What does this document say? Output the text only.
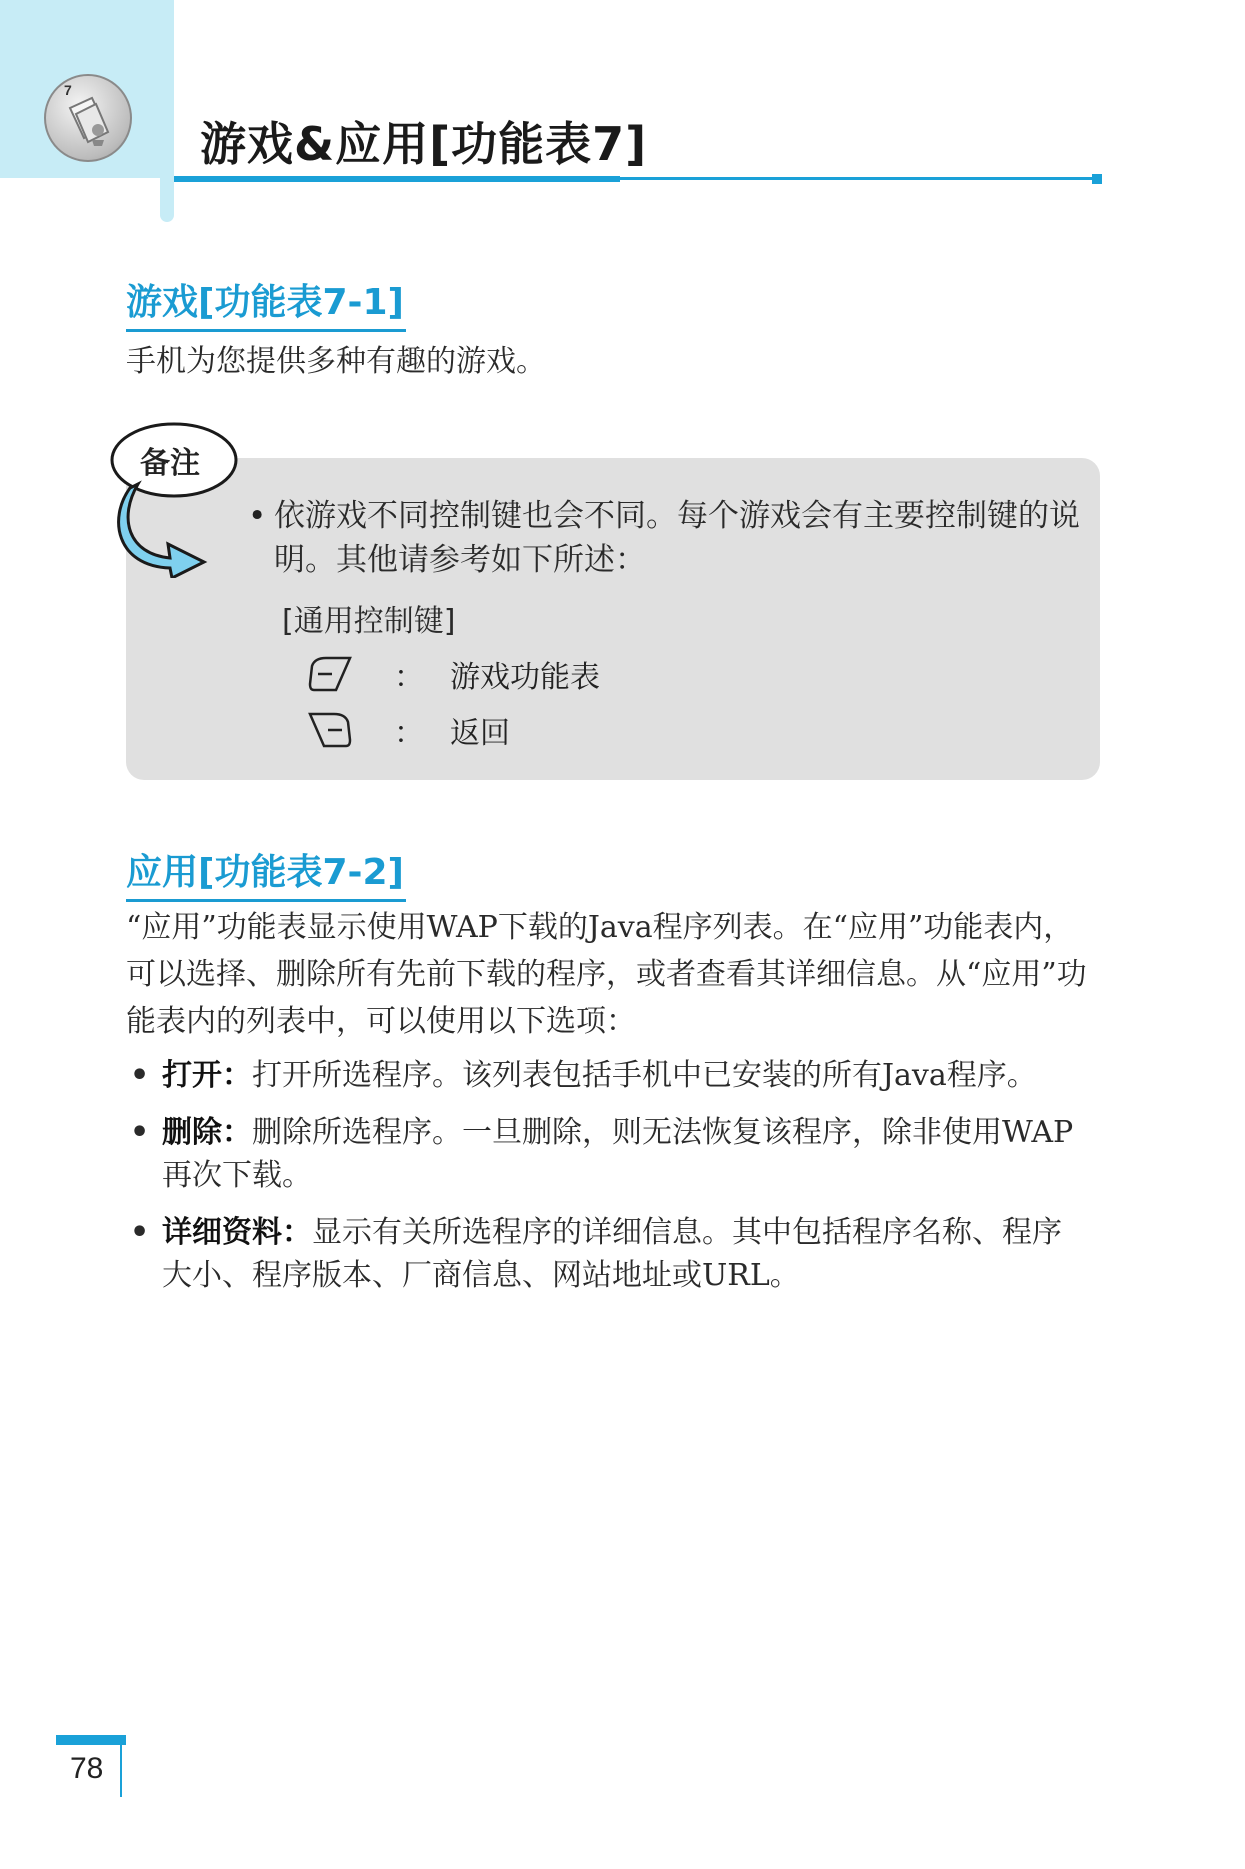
7
游戏&应用[功能表7]
游戏[功能表7-1]

手机为您提供多种有趣的游戏。

备注
• 依游戏不同控制键也会不同。每个游戏会有主要控制键的说明。其他请参考如下所述：

[通用控制键]

： 游戏功能表
： 返回
应用[功能表7-2]

“应用”功能表显示使用WAP下载的Java程序列表。在“应用”功能表内，可以选择、删除所有先前下载的程序，或者查看其详细信息。从“应用”功能表内的列表中，可以使用以下选项：

• 打开：打开所选程序。该列表包括手机中已安装的所有Java程序。
• 删除：删除所选程序。一旦删除，则无法恢复该程序，除非使用WAP再次下载。
• 详细资料：显示有关所选程序的详细信息。其中包括程序名称、程序大小、程序版本、厂商信息、网站地址或URL。
78
